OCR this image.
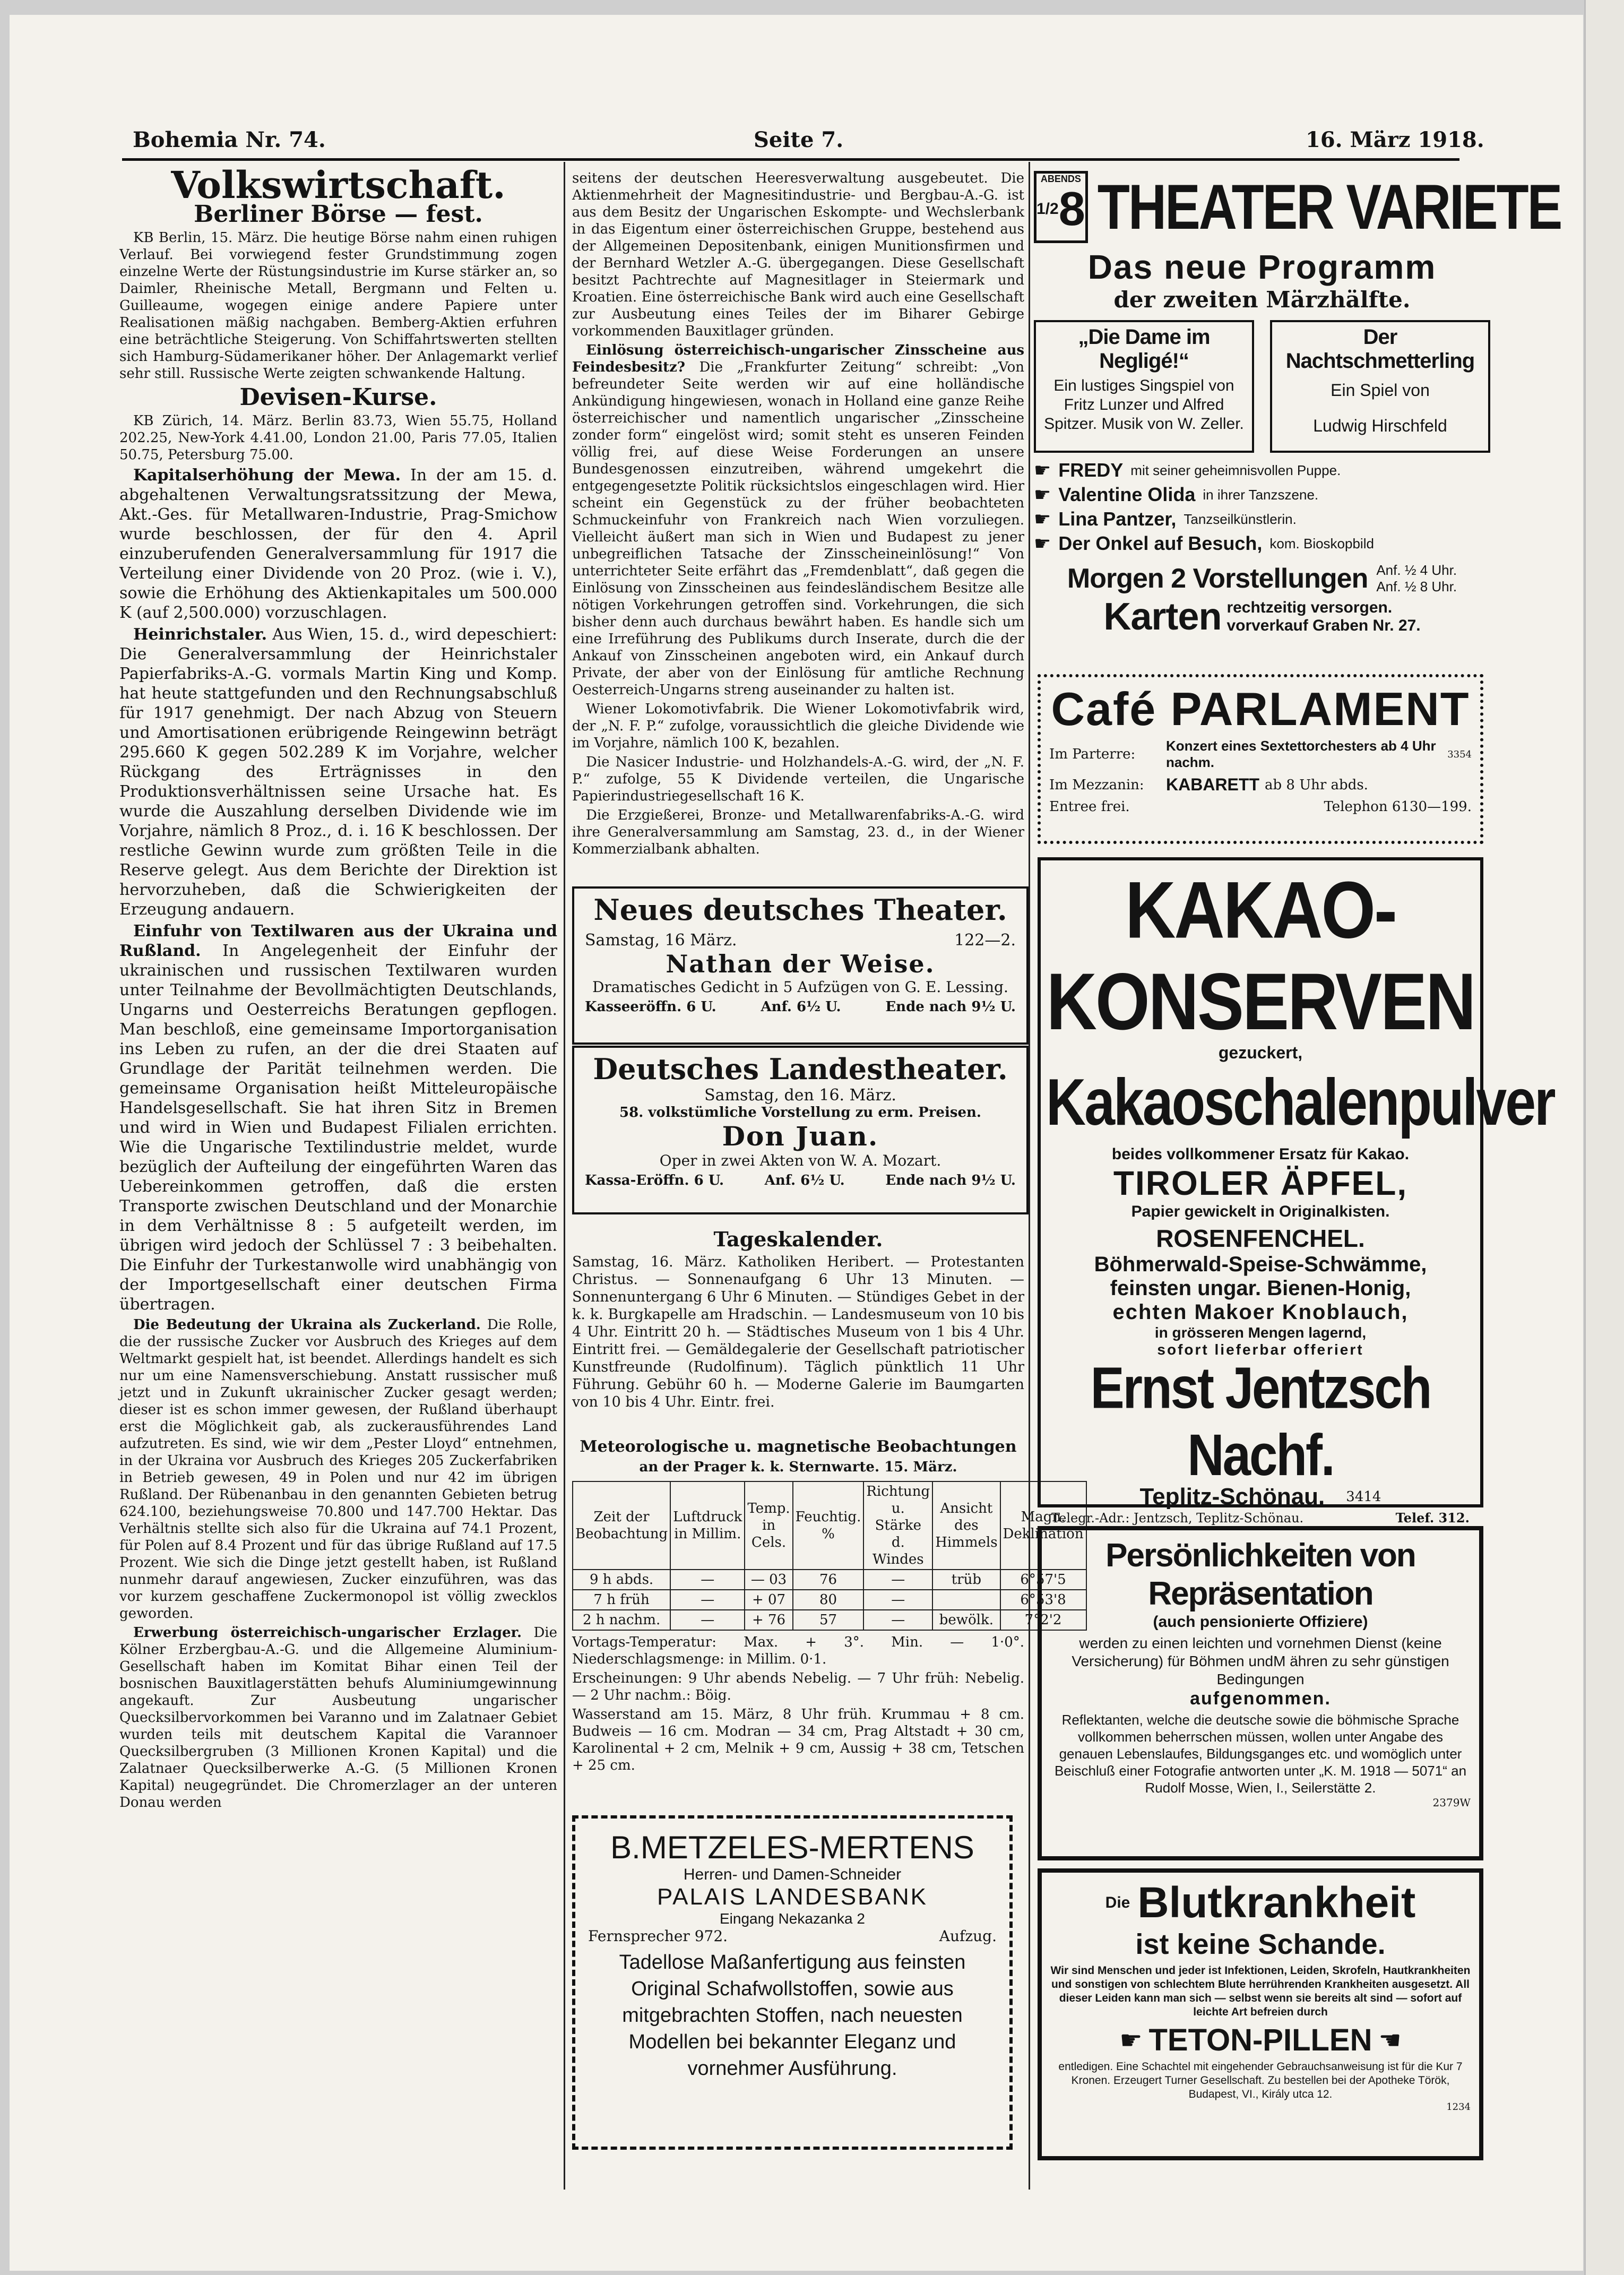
Bohemia Nr. 74.	Seite 7.	16. März 1918.
Volkswirtschaft.
Berliner Börse — fest.

KB Berlin, 15. März. Die heutige Börse nahm einen ruhigen Verlauf. Bei vorwiegend fester Grundstimmung zogen einzelne Werte der Rüstungsindustrie im Kurse stärker an, so Daimler, Rheinische Metall, Bergmann und Felten u. Guilleaume, wogegen einige andere Papiere unter Realisationen mäßig nachgaben. Bemberg-Aktien erfuhren eine beträchtliche Steigerung. Von Schiffahrtswerten stellten sich Hamburg-Südamerikaner höher. Der Anlagemarkt verlief sehr still. Russische Werte zeigten schwankende Haltung.

Devisen-Kurse.

KB Zürich, 14. März. Berlin 83.73, Wien 55.75, Holland 202.25, New-York 4.41.00, London 21.00, Paris 77.05, Italien 50.75, Petersburg 75.00.

Kapitalserhöhung der Mewa. In der am 15. d. abgehaltenen Verwaltungsratssitzung der Mewa, Akt.-Ges. für Metallwaren-Industrie, Prag-Smichow wurde beschlossen, der für den 4. April einzuberufenden Generalversammlung für 1917 die Verteilung einer Dividende von 20 Proz. (wie i. V.), sowie die Erhöhung des Aktienkapitales um 500.000 K (auf 2,500.000) vorzuschlagen.

Heinrichstaler. Aus Wien, 15. d., wird depeschiert: Die Generalversammlung der Heinrichstaler Papierfabriks-A.-G. vormals Martin King und Komp. hat heute stattgefunden und den Rechnungsabschluß für 1917 genehmigt. Der nach Abzug von Steuern und Amortisationen erübrigende Reingewinn beträgt 295.660 K gegen 502.289 K im Vorjahre, welcher Rückgang des Erträgnisses in den Produktionsverhältnissen seine Ursache hat. Es wurde die Auszahlung derselben Dividende wie im Vorjahre, nämlich 8 Proz., d. i. 16 K beschlossen. Der restliche Gewinn wurde zum größten Teile in die Reserve gelegt. Aus dem Berichte der Direktion ist hervorzuheben, daß die Schwierigkeiten der Erzeugung andauern.

Einfuhr von Textilwaren aus der Ukraina und Rußland. In Angelegenheit der Einfuhr der ukrainischen und russischen Textilwaren wurden unter Teilnahme der Bevollmächtigten Deutschlands, Ungarns und Oesterreichs Beratungen gepflogen. Man beschloß, eine gemeinsame Importorganisation ins Leben zu rufen, an der die drei Staaten auf Grundlage der Parität teilnehmen werden. Die gemeinsame Organisation heißt Mitteleuropäische Handelsgesellschaft. Sie hat ihren Sitz in Bremen und wird in Wien und Budapest Filialen errichten. Wie die Ungarische Textilindustrie meldet, wurde bezüglich der Aufteilung der eingeführten Waren das Uebereinkommen getroffen, daß die ersten Transporte zwischen Deutschland und der Monarchie in dem Verhältnisse 8 : 5 aufgeteilt werden, im übrigen wird jedoch der Schlüssel 7 : 3 beibehalten. Die Einfuhr der Turkestanwolle wird unabhängig von der Importgesellschaft einer deutschen Firma übertragen.

Die Bedeutung der Ukraina als Zuckerland. Die Rolle, die der russische Zucker vor Ausbruch des Krieges auf dem Weltmarkt gespielt hat, ist beendet. Allerdings handelt es sich nur um eine Namensverschiebung. Anstatt russischer muß jetzt und in Zukunft ukrainischer Zucker gesagt werden; dieser ist es schon immer gewesen, der Rußland überhaupt erst die Möglichkeit gab, als zuckerausführendes Land aufzutreten. Es sind, wie wir dem „Pester Lloyd“ entnehmen, in der Ukraina vor Ausbruch des Krieges 205 Zuckerfabriken in Betrieb gewesen, 49 in Polen und nur 42 im übrigen Rußland. Der Rübenanbau in den genannten Gebieten betrug 624.100, beziehungsweise 70.800 und 147.700 Hektar. Das Verhältnis stellte sich also für die Ukraina auf 74.1 Prozent, für Polen auf 8.4 Prozent und für das übrige Rußland auf 17.5 Prozent. Wie sich die Dinge jetzt gestellt haben, ist Rußland nunmehr darauf angewiesen, Zucker einzuführen, was das vor kurzem geschaffene Zuckermonopol ist völlig zwecklos geworden.

Erwerbung österreichisch-ungarischer Erzlager. Die Kölner Erzbergbau-A.-G. und die Allgemeine Aluminium-Gesellschaft haben im Komitat Bihar einen Teil der bosnischen Bauxitlagerstätten behufs Aluminiumgewinnung angekauft. Zur Ausbeutung ungarischer Quecksilbervorkommen bei Varanno und im Zalatnaer Gebiet wurden teils mit deutschem Kapital die Varannoer Quecksilbergruben (3 Millionen Kronen Kapital) und die Zalatnaer Quecksilberwerke A.-G. (5 Millionen Kronen Kapital) neugegründet. Die Chromerzlager an der unteren Donau werden

seitens der deutschen Heeresverwaltung ausgebeutet. Die Aktienmehrheit der Magnesitindustrie- und Bergbau-A.-G. ist aus dem Besitz der Ungarischen Eskompte- und Wechslerbank in das Eigentum einer österreichischen Gruppe, bestehend aus der Allgemeinen Depositenbank, einigen Munitionsfirmen und der Bernhard Wetzler A.-G. übergegangen. Diese Gesellschaft besitzt Pachtrechte auf Magnesitlager in Steiermark und Kroatien. Eine österreichische Bank wird auch eine Gesellschaft zur Ausbeutung eines Teiles der im Biharer Gebirge vorkommenden Bauxitlager gründen.

Einlösung österreichisch-ungarischer Zinsscheine aus Feindesbesitz? Die „Frankfurter Zeitung“ schreibt: „Von befreundeter Seite werden wir auf eine holländische Ankündigung hingewiesen, wonach in Holland eine ganze Reihe österreichischer und namentlich ungarischer „Zinsscheine zonder form“ eingelöst wird; somit steht es unseren Feinden völlig frei, auf diese Weise Forderungen an unsere Bundesgenossen einzutreiben, während umgekehrt die entgegengesetzte Politik rücksichtslos eingeschlagen wird. Hier scheint ein Gegenstück zu der früher beobachteten Schmuckeinfuhr von Frankreich nach Wien vorzuliegen. Vielleicht äußert man sich in Wien und Budapest zu jener unbegreiflichen Tatsache der Zinsscheineinlösung!“ Von unterrichteter Seite erfährt das „Fremdenblatt“, daß gegen die Einlösung von Zinsscheinen aus feindesländischem Besitze alle nötigen Vorkehrungen getroffen sind. Vorkehrungen, die sich bisher denn auch durchaus bewährt haben. Es handle sich um eine Irreführung des Publikums durch Inserate, durch die der Ankauf von Zinsscheinen angeboten wird, ein Ankauf durch Private, der aber von der Einlösung für amtliche Rechnung Oesterreich-Ungarns streng auseinander zu halten ist.

Wiener Lokomotivfabrik. Die Wiener Lokomotivfabrik wird, der „N. F. P.“ zufolge, voraussichtlich die gleiche Dividende wie im Vorjahre, nämlich 100 K, bezahlen.

Die Nasicer Industrie- und Holzhandels-A.-G. wird, der „N. F. P.“ zufolge, 55 K Dividende verteilen, die Ungarische Papierindustriegesellschaft 16 K.

Die Erzgießerei, Bronze- und Metallwarenfabriks-A.-G. wird ihre Generalversammlung am Samstag, 23. d., in der Wiener Kommerzialbank abhalten.

Neues deutsches Theater.
Samstag, 16 März.	122—2.
Nathan der Weise.
Dramatisches Gedicht in 5 Aufzügen von G. E. Lessing.
Kasseeröffn. 6 U.	Anf. 6½ U.	Ende nach 9½ U.
Deutsches Landestheater.
Samstag, den 16. März.
58. volkstümliche Vorstellung zu erm. Preisen.
Don Juan.
Oper in zwei Akten von W. A. Mozart.
Kassa-Eröffn. 6 U.	Anf. 6½ U.	Ende nach 9½ U.
Tageskalender.

Samstag, 16. März. Katholiken Heribert. — Protestanten Christus. — Sonnenaufgang 6 Uhr 13 Minuten. — Sonnenuntergang 6 Uhr 6 Minuten. — Stündiges Gebet in der k. k. Burgkapelle am Hradschin. — Landesmuseum von 10 bis 4 Uhr. Eintritt 20 h. — Städtisches Museum von 1 bis 4 Uhr. Eintritt frei. — Gemäldegalerie der Gesellschaft patriotischer Kunstfreunde (Rudolfinum). Täglich pünktlich 11 Uhr Führung. Gebühr 60 h. — Moderne Galerie im Baumgarten von 10 bis 4 Uhr. Eintr. frei.

Meteorologische u. magnetische Beobachtungen
an der Prager k. k. Sternwarte. 15. März.
Zeit der Beobachtung	Luftdruck in Millim.	Temp. in Cels.	Feuchtig. %	Richtung u. Stärke d. Windes	Ansicht des Himmels	Magn. Deklination
9 h abds.	—	— 03	76	—	trüb	6°57'5
7 h früh	—	+ 07	80	—		6°53'8
2 h nachm.	—	+ 76	57	—	bewölk.	7°2'2

Vortags-Temperatur: Max. + 3°. Min. — 1·0°. Niederschlagsmenge: in Millim. 0·1.

Erscheinungen: 9 Uhr abends Nebelig. — 7 Uhr früh: Nebelig. — 2 Uhr nachm.: Böig.

Wasserstand am 15. März, 8 Uhr früh. Krummau + 8 cm. Budweis — 16 cm. Modran — 34 cm, Prag Altstadt + 30 cm, Karolinental + 2 cm, Melnik + 9 cm, Aussig + 38 cm, Tetschen + 25 cm.

B.METZELES-MERTENS
Herren- und Damen-Schneider
PALAIS LANDESBANK
Eingang Nekazanka 2
Fernsprecher 972.	Aufzug.
Tadellose Maßanfertigung aus feinsten Original Schafwollstoffen, sowie aus mitgebrachten Stoffen, nach neuesten Modellen bei bekannter Eleganz und vornehmer Ausführung.
ABENDS
1/2 8 THEATER VARIETE
Das neue Programm
der zweiten Märzhälfte.
„Die Dame im Negligé!“
Ein lustiges Singspiel von Fritz Lunzer und Alfred Spitzer. Musik von W. Zeller.
Der Nachtschmetterling
Ein Spiel von
Ludwig Hirschfeld
☛ FREDY mit seiner geheimnisvollen Puppe.
☛ Valentine Olida in ihrer Tanzszene.
☛ Lina Pantzer, Tanzseilkünstlerin.
☛ Der Onkel auf Besuch, kom. Bioskopbild
Morgen 2 Vorstellungen Anf. ½ 4 Uhr.
Anf. ½ 8 Uhr.
Karten rechtzeitig versorgen.
vorverkauf Graben Nr. 27.
Café PARLAMENT
Im Parterre:
Konzert eines Sextettorchesters ab 4 Uhr nachm.	3354
Im Mezzanin:	KABARETT ab 8 Uhr abds.
Entree frei.	Telephon 6130—199.
KAKAO-KONSERVEN
gezuckert,
Kakaoschalenpulver
beides vollkommener Ersatz für Kakao.
TIROLER ÄPFEL,
Papier gewickelt in Originalkisten.
ROSENFENCHEL.
Böhmerwald-Speise-Schwämme,
feinsten ungar. Bienen-Honig,
echten Makoer Knoblauch,
in grösseren Mengen lagernd,
sofort lieferbar offeriert
Ernst Jentzsch Nachf.
Teplitz-Schönau. 3414
Telegr.-Adr.: Jentzsch, Teplitz-Schönau.	Telef. 312.
Persönlichkeiten von Repräsentation
(auch pensionierte Offiziere)
werden zu einen leichten und vornehmen Dienst (keine Versicherung) für Böhmen undM ähren zu sehr günstigen Bedingungen
aufgenommen.
Reflektanten, welche die deutsche sowie die böhmische Sprache vollkommen beherrschen müssen, wollen unter Angabe des genauen Lebenslaufes, Bildungsganges etc. und womöglich unter Beischluß einer Fotografie antworten unter „K. M. 1918 — 5071“ an Rudolf Mosse, Wien, I., Seilerstätte 2.
2379W
Die Blutkrankheit
ist keine Schande.
Wir sind Menschen und jeder ist Infektionen, Leiden, Skrofeln, Hautkrankheiten und sonstigen von schlechtem Blute herrührenden Krankheiten ausgesetzt. All dieser Leiden kann man sich — selbst wenn sie bereits alt sind — sofort auf leichte Art befreien durch
☛ TETON-PILLEN ☚
entledigen. Eine Schachtel mit eingehender Gebrauchsanweisung ist für die Kur 7 Kronen. Erzeugert Turner Gesellschaft. Zu bestellen bei der Apotheke Török, Budapest, VI., Király utca 12.
1234
